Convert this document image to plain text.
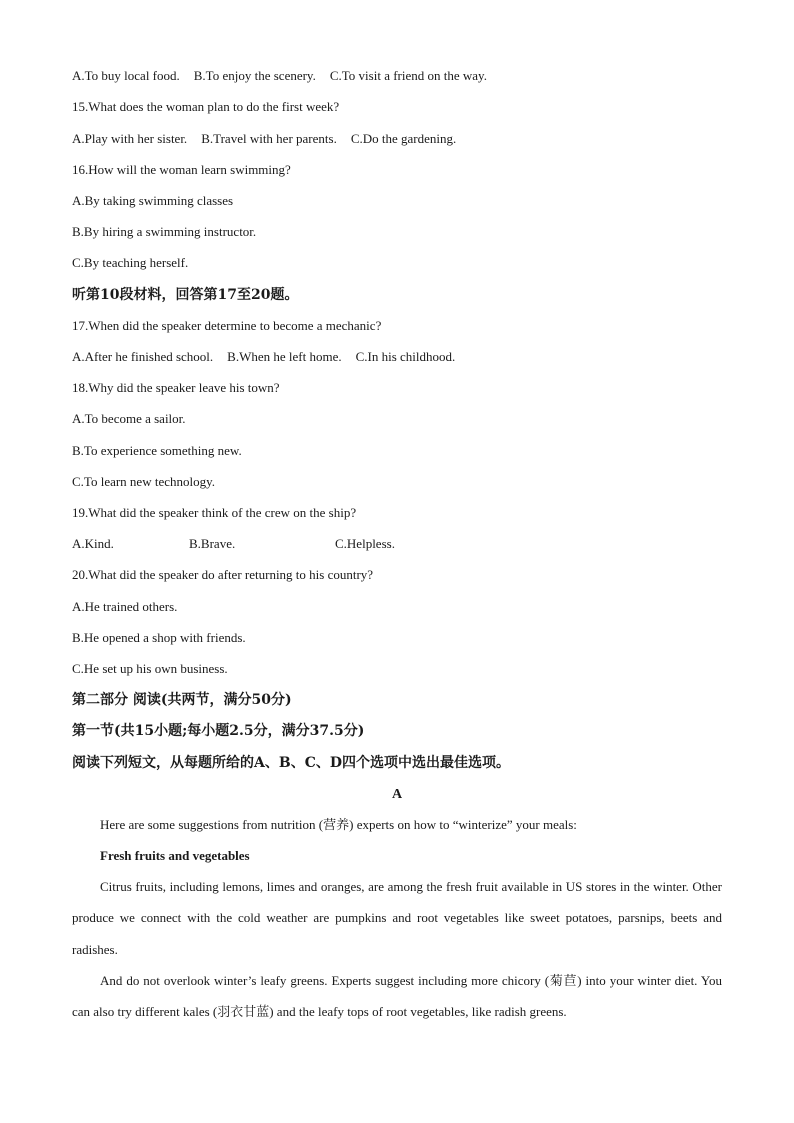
A.To buy local food. B.To enjoy the scenery. C.To visit a friend on the way.
15.What does the woman plan to do the first week?
A.Play with her sister. B.Travel with her parents. C.Do the gardening.
16.How will the woman learn swimming?
A.By taking swimming classes
B.By hiring a swimming instructor.
C.By teaching herself.
听第10段材料，回答第17至20题。
17.When did the speaker determine to become a mechanic?
A.After he finished school. B.When he left home. C.In his childhood.
18.Why did the speaker leave his town?
A.To become a sailor.
B.To experience something new.
C.To learn new technology.
19.What did the speaker think of the crew on the ship?
A.Kind.	B.Brave.	C.Helpless.
20.What did the speaker do after returning to his country?
A.He trained others.
B.He opened a shop with friends.
C.He set up his own business.
第二部分 阅读(共两节，满分50分)
第一节(共15小题;每小题2.5分，满分37.5分)
阅读下列短文，从每题所给的A、B、C、D四个选项中选出最佳选项。
A
Here are some suggestions from nutrition (营养) experts on how to “winterize” your meals:
Fresh fruits and vegetables
Citrus fruits, including lemons, limes and oranges, are among the fresh fruit available in US stores in the winter. Other produce we connect with the cold weather are pumpkins and root vegetables like sweet potatoes, parsnips, beets and radishes.
And do not overlook winter’s leafy greens. Experts suggest including more chicory (菊苣) into your winter diet. You can also try different kales (羽衣甘蓝) and the leafy tops of root vegetables, like radish greens.
